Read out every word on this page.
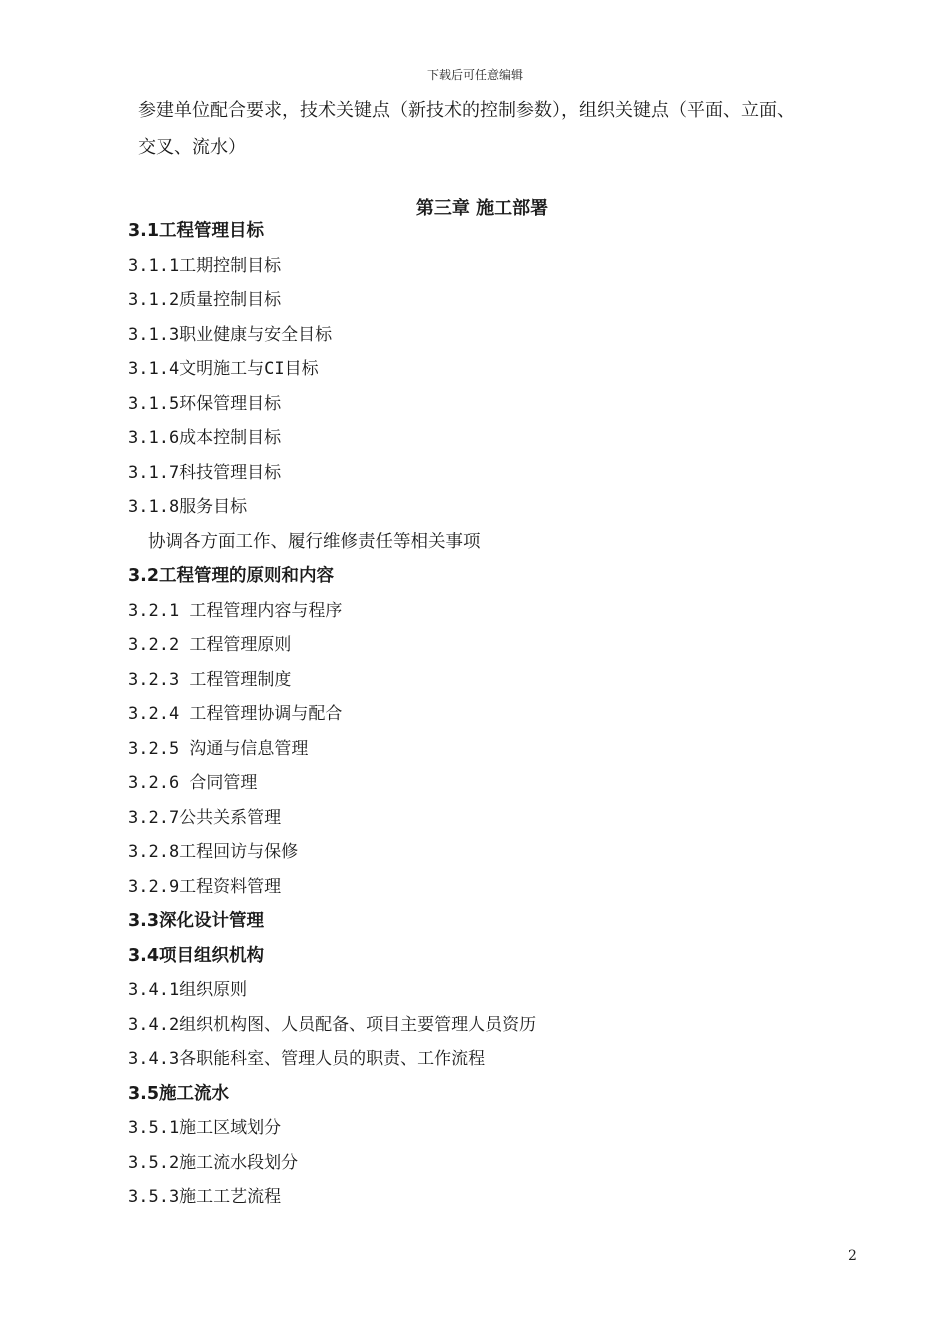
下载后可任意编辑
参建单位配合要求，技术关键点（新技术的控制参数），组织关键点（平面、立面、
交叉、流水）
第三章 施工部署
3.1工程管理目标
3.1.1工期控制目标
3.1.2质量控制目标
3.1.3职业健康与安全目标
3.1.4文明施工与CI目标
3.1.5环保管理目标
3.1.6成本控制目标
3.1.7科技管理目标
3.1.8服务目标
协调各方面工作、履行维修责任等相关事项
3.2工程管理的原则和内容
3.2.1 工程管理内容与程序
3.2.2 工程管理原则
3.2.3 工程管理制度
3.2.4 工程管理协调与配合
3.2.5 沟通与信息管理
3.2.6 合同管理
3.2.7公共关系管理
3.2.8工程回访与保修
3.2.9工程资料管理
3.3深化设计管理
3.4项目组织机构
3.4.1组织原则
3.4.2组织机构图、人员配备、项目主要管理人员资历
3.4.3各职能科室、管理人员的职责、工作流程
3.5施工流水
3.5.1施工区域划分
3.5.2施工流水段划分
3.5.3施工工艺流程
2
